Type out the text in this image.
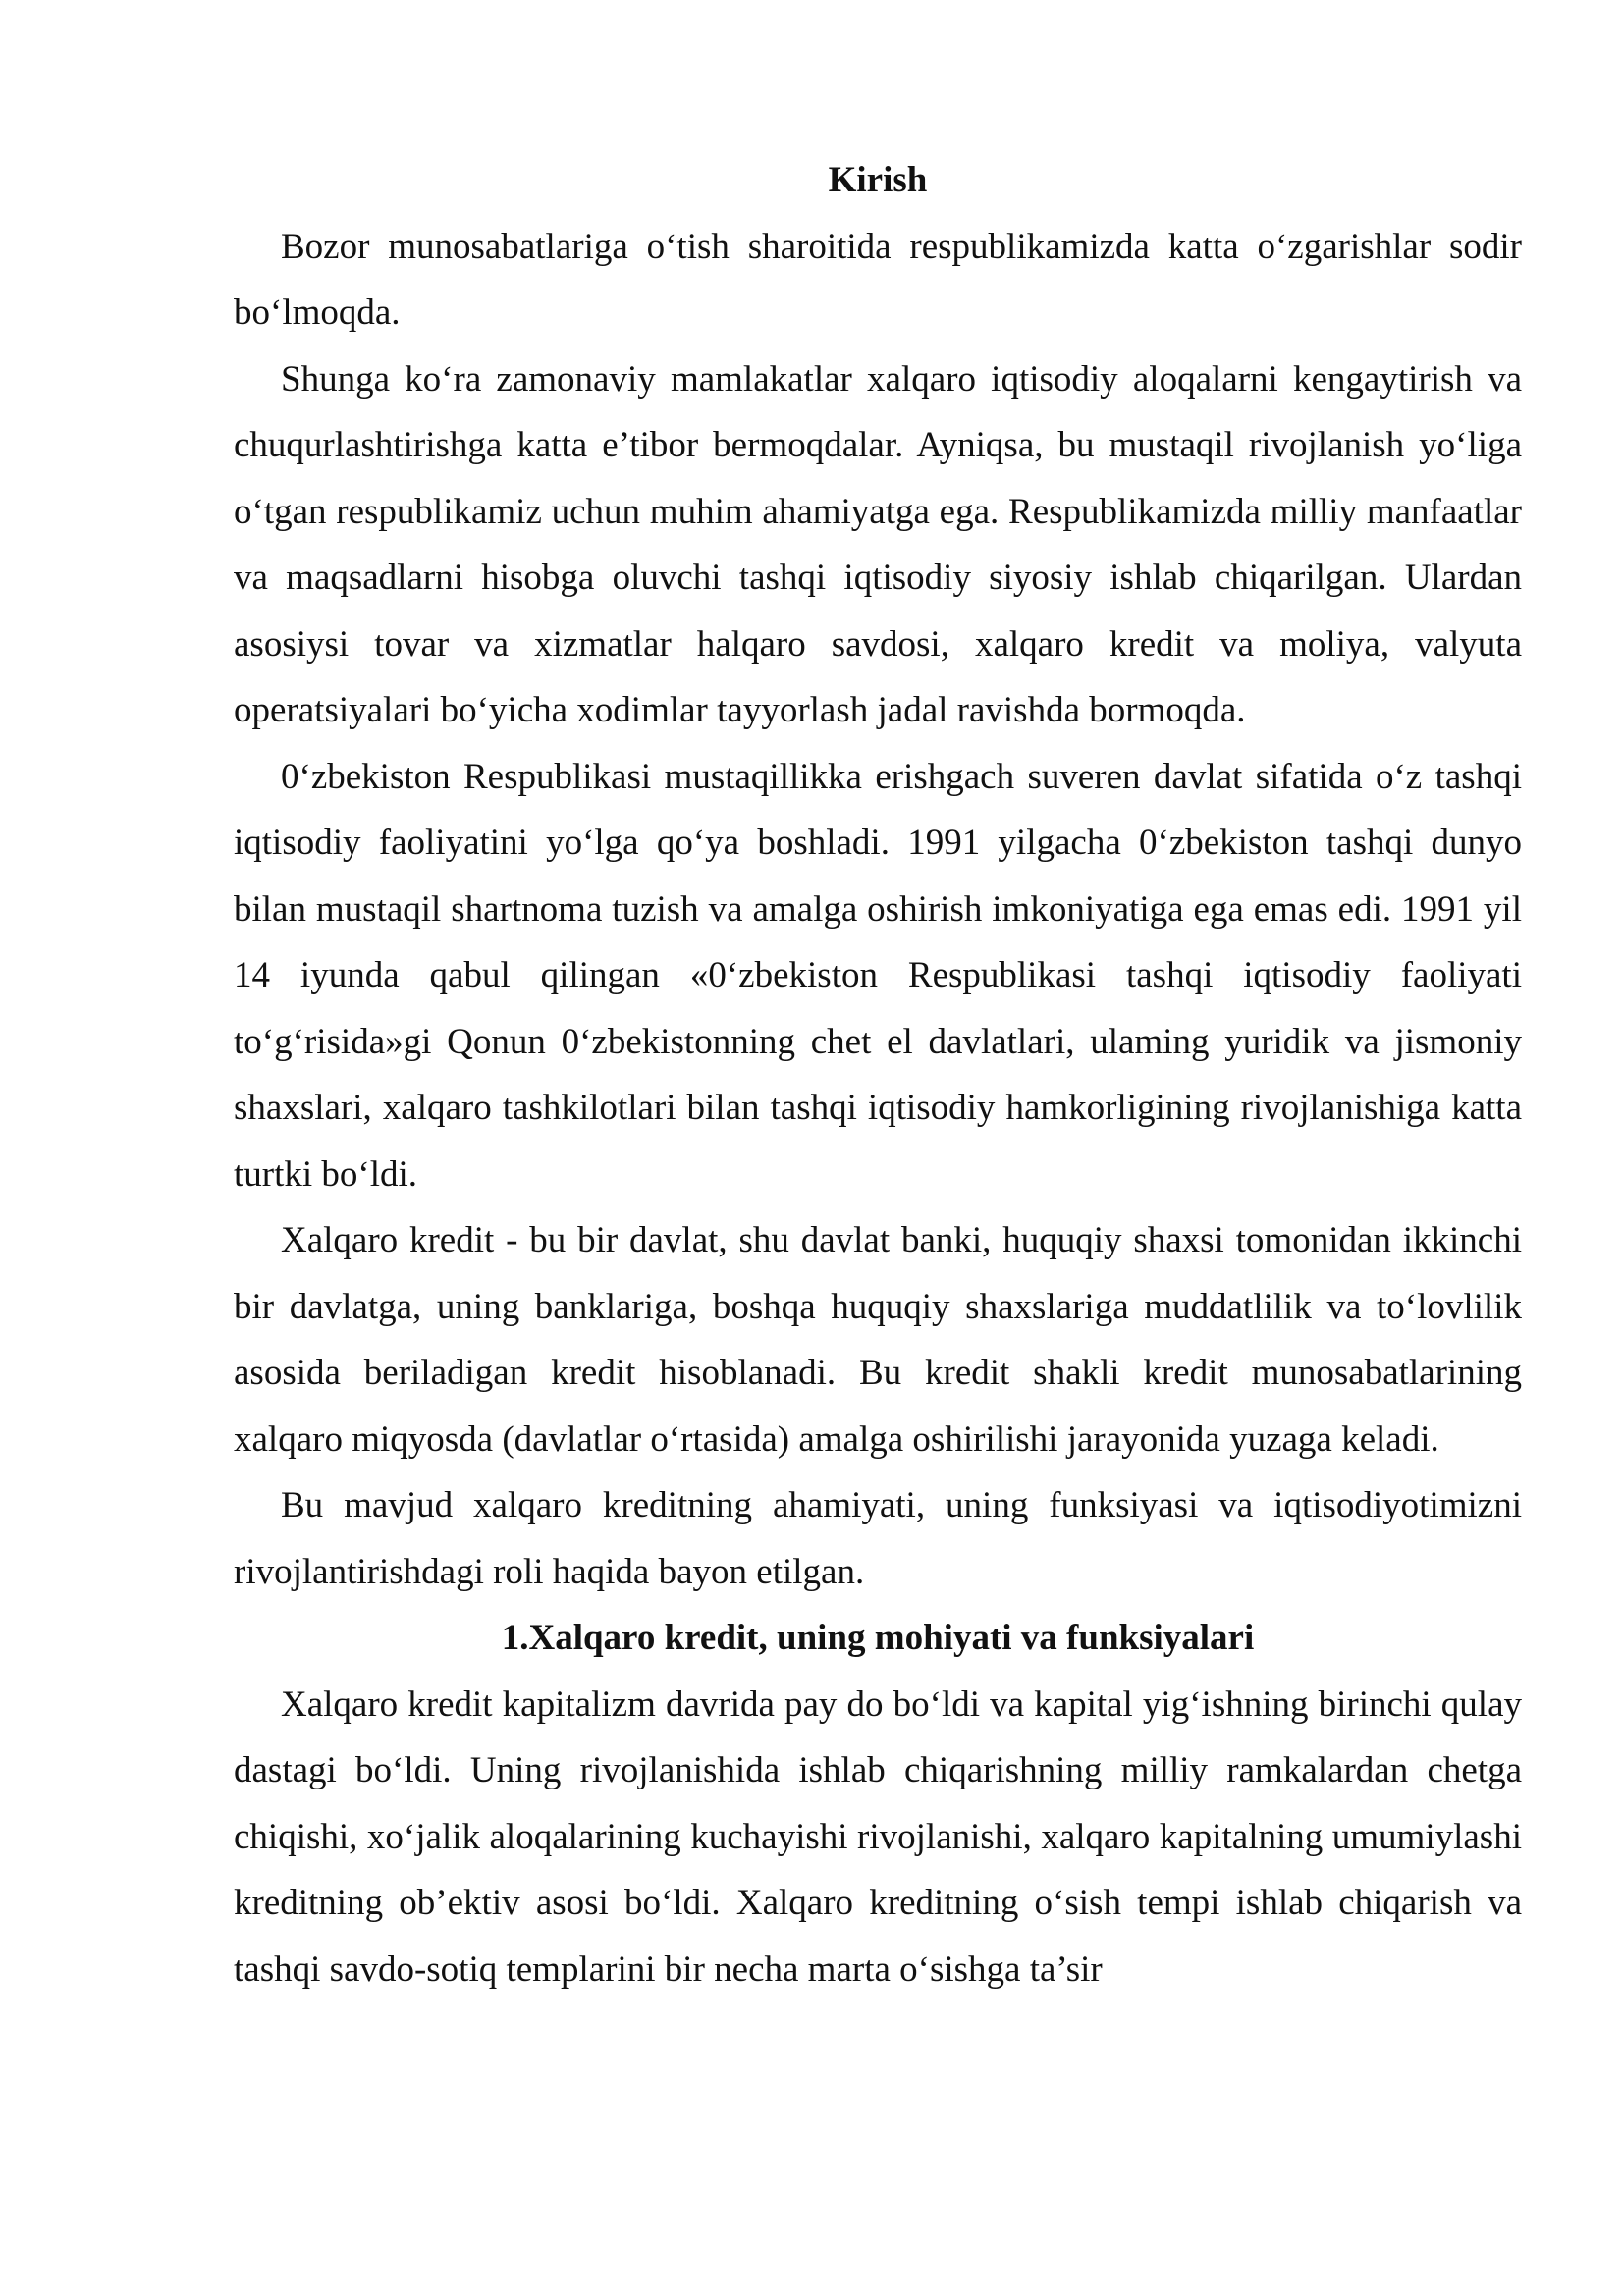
Kirish

Bozor munosabatlariga o‘tish sharoitida respublikamizda katta o‘zgarishlar sodir bo‘lmoqda.

Shunga ko‘ra zamonaviy mamlakatlar xalqaro iqtisodiy aloqalarni kengaytirish va chuqurlashtirishga katta e’tibor bermoqdalar. Ayniqsa, bu mustaqil rivojlanish yo‘liga o‘tgan respublikamiz uchun muhim ahamiyatga ega. Respublikamizda milliy manfaatlar va maqsadlarni hisobga oluvchi tashqi iqtisodiy siyosiy ishlab chiqarilgan. Ulardan asosiysi tovar va xizmatlar halqaro savdosi, xalqaro kredit va moliya, valyuta operatsiyalari bo‘yicha xodimlar tayyorlash jadal ravishda bormoqda.

0‘zbekiston Respublikasi mustaqillikka erishgach suveren davlat sifatida o‘z tashqi iqtisodiy faoliyatini yo‘lga qo‘ya boshladi. 1991 yilgacha 0‘zbekiston tashqi dunyo bilan mustaqil shartnoma tuzish va amalga oshirish imkoniyatiga ega emas edi. 1991 yil 14 iyunda qabul qilingan «0‘zbekiston Respublikasi tashqi iqtisodiy faoliyati to‘g‘risida»gi Qonun 0‘zbekistonning chet el davlatlari, ulaming yuridik va jismoniy shaxslari, xalqaro tashkilotlari bilan tashqi iqtisodiy hamkorligining rivojlanishiga katta turtki bo‘ldi.

Xalqaro kredit - bu bir davlat, shu davlat banki, huquqiy shaxsi tomonidan ikkinchi bir davlatga, uning banklariga, boshqa huquqiy shaxslariga muddatlilik va to‘lovlilik asosida beriladigan kredit hisoblanadi. Bu kredit shakli kredit munosabatlarining xalqaro miqyosda (davlatlar o‘rtasida) amalga oshirilishi jarayonida yuzaga keladi.

Bu mavjud xalqaro kreditning ahamiyati, uning funksiyasi va iqtisodiyotimizni rivojlantirishdagi roli haqida bayon etilgan.

1.Xalqaro kredit, uning mohiyati va funksiyalari

Xalqaro kredit kapitalizm davrida pay do bo‘ldi va kapital yig‘ishning birinchi qulay dastagi bo‘ldi. Uning rivojlanishida ishlab chiqarishning milliy ramkalardan chetga chiqishi, xo‘jalik aloqalarining kuchayishi rivojlanishi, xalqaro kapitalning umumiylashi kreditning ob’ektiv asosi bo‘ldi. Xalqaro kreditning o‘sish tempi ishlab chiqarish va tashqi savdo-sotiq templarini bir necha marta o‘sishga ta’sir
